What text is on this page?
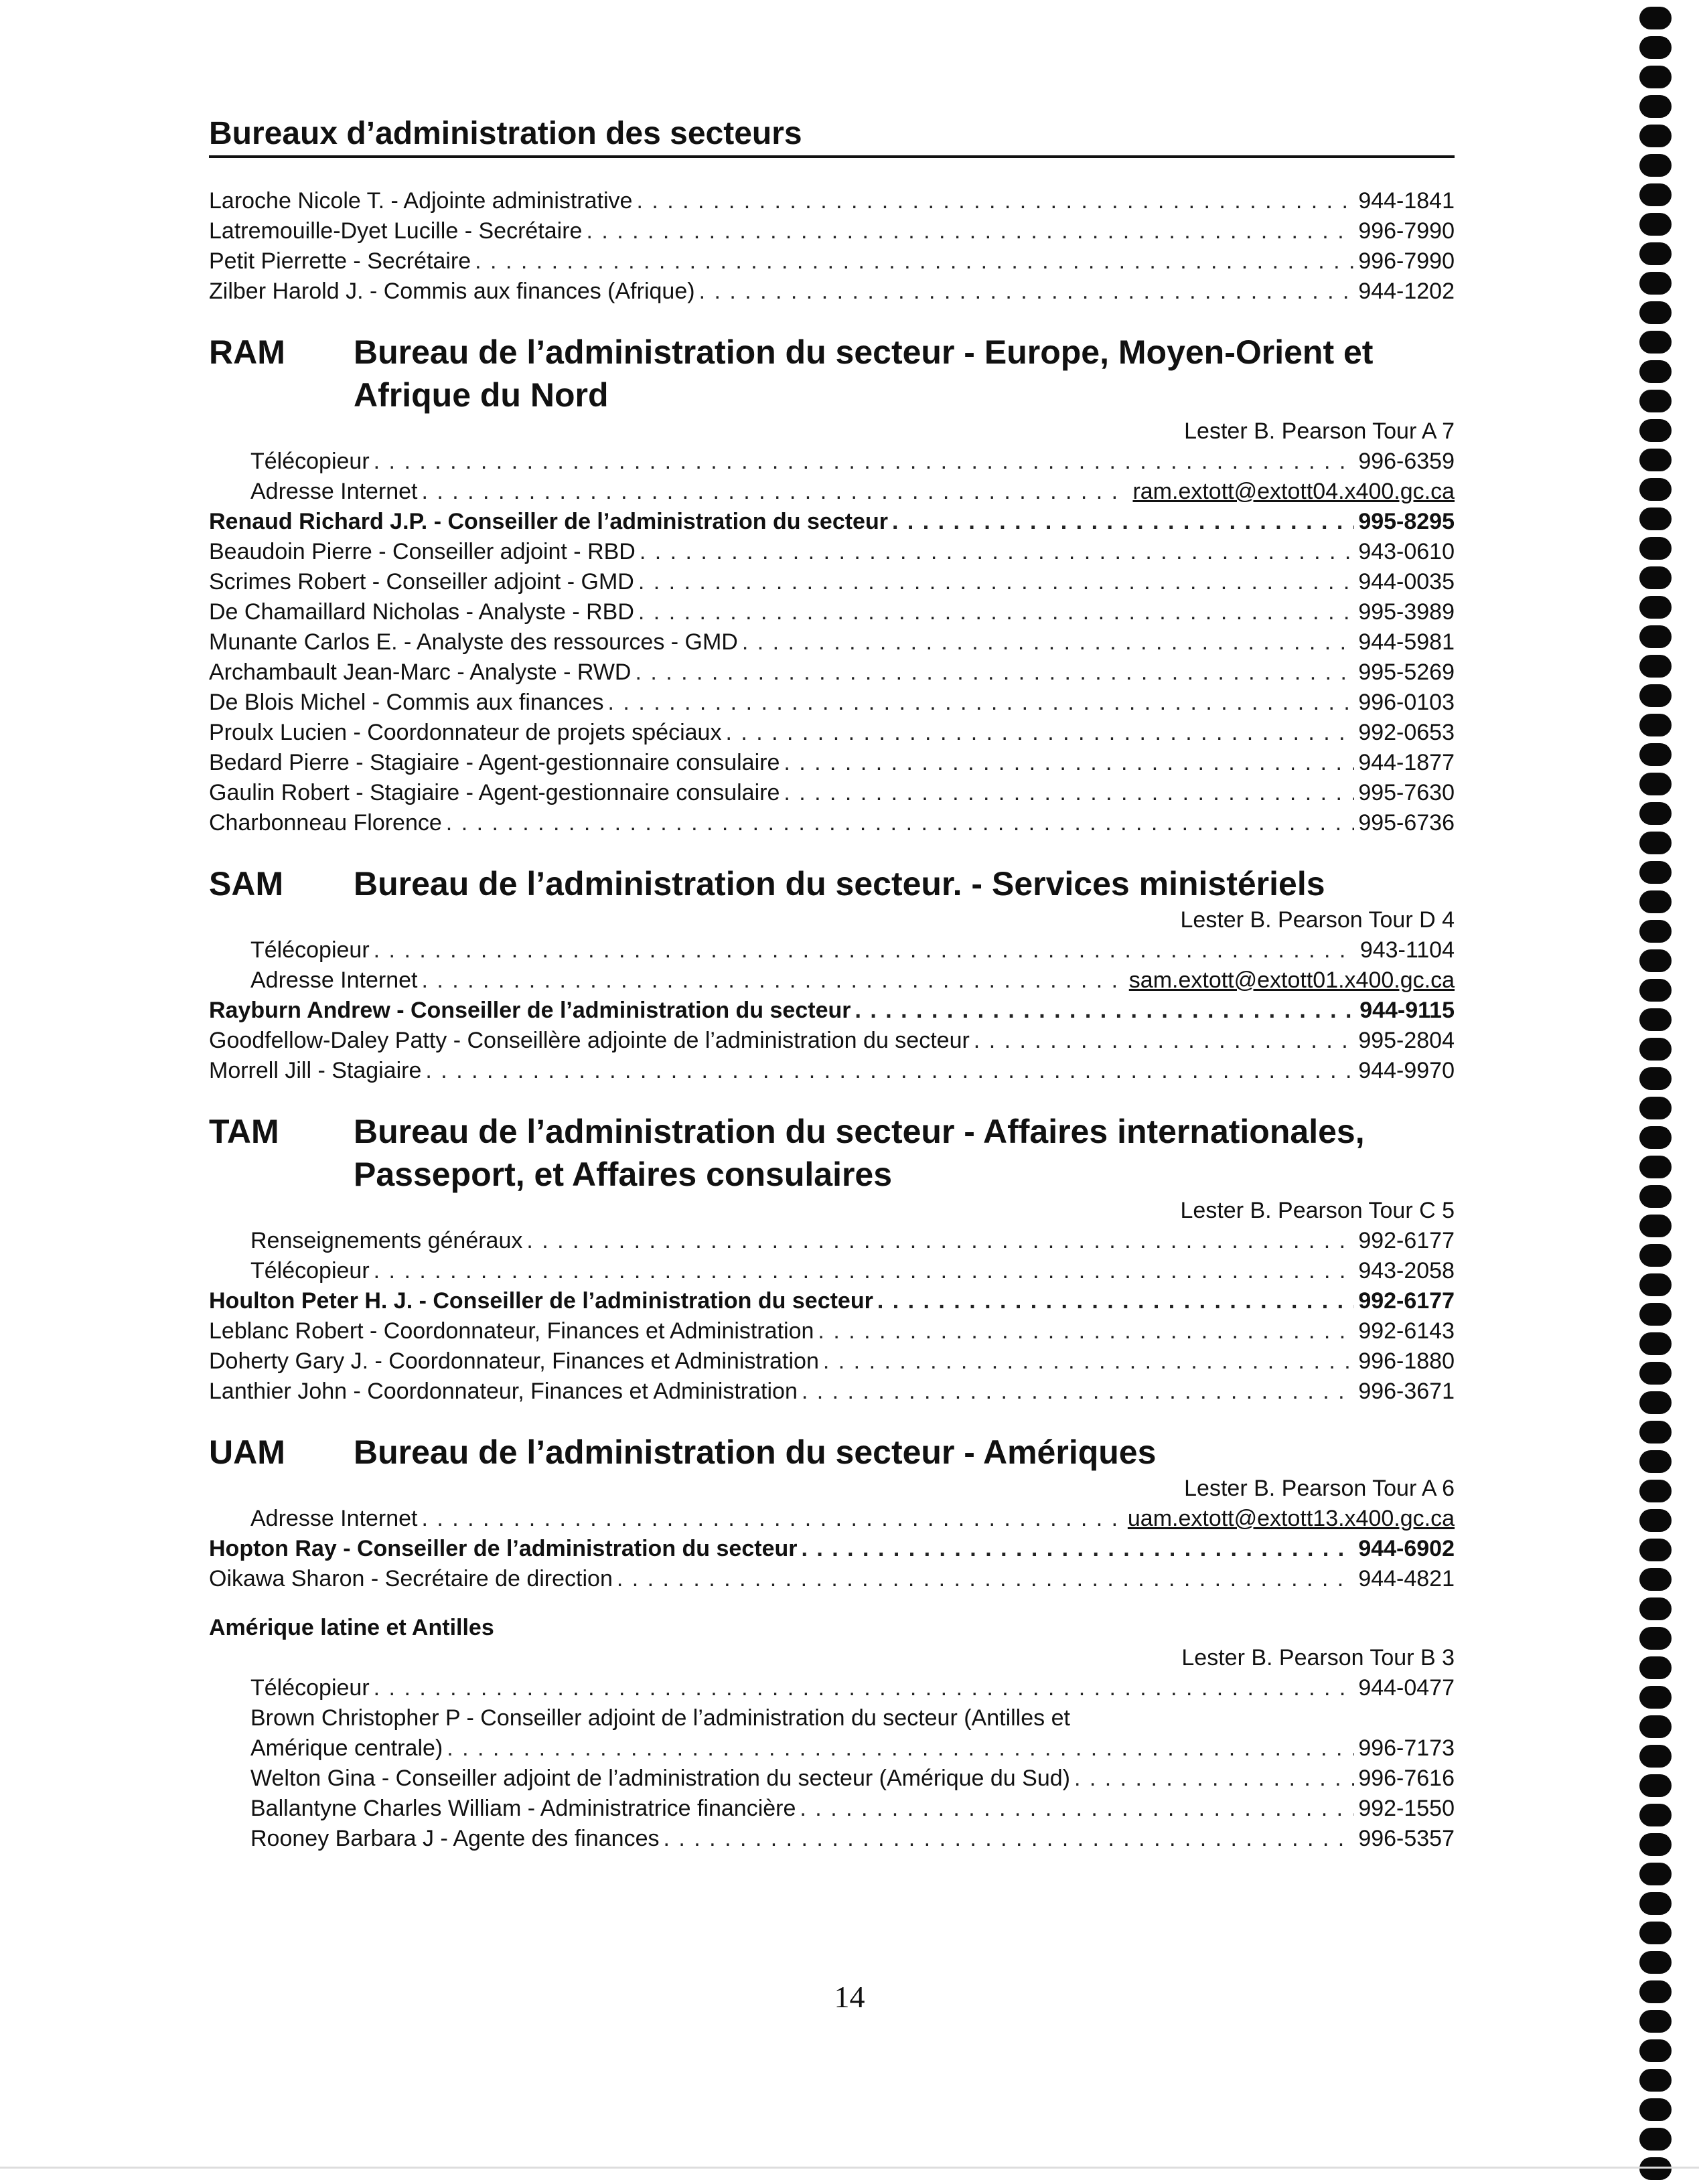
Bureaux d’administration des secteurs
Laroche Nicole T. - Adjointe administrative . . .	944-1841
Latremouille-Dyet Lucille - Secrétaire . . .	996-7990
Petit Pierrette - Secrétaire . . .	996-7990
Zilber Harold J. - Commis aux finances (Afrique) . . .	944-1202
RAM	Bureau de l’administration du secteur - Europe, Moyen-Orient et Afrique du Nord
Lester B. Pearson Tour A 7
Télécopieur . . .	996-6359
Adresse Internet . . .	ram.extott@extott04.x400.gc.ca
Renaud Richard J.P. - Conseiller de l’administration du secteur . . .	995-8295
Beaudoin Pierre - Conseiller adjoint - RBD . . .	943-0610
Scrimes Robert - Conseiller adjoint - GMD . . .	944-0035
De Chamaillard Nicholas - Analyste - RBD . . .	995-3989
Munante Carlos E. - Analyste des ressources - GMD . . .	944-5981
Archambault Jean-Marc - Analyste - RWD . . .	995-5269
De Blois Michel - Commis aux finances . . .	996-0103
Proulx Lucien - Coordonnateur de projets spéciaux . . .	992-0653
Bedard Pierre - Stagiaire - Agent-gestionnaire consulaire . . .	944-1877
Gaulin Robert - Stagiaire - Agent-gestionnaire consulaire . . .	995-7630
Charbonneau Florence . . .	995-6736
SAM	Bureau de l’administration du secteur. - Services ministériels
Lester B. Pearson Tour D 4
Télécopieur . . .	943-1104
Adresse Internet . . .	sam.extott@extott01.x400.gc.ca
Rayburn Andrew - Conseiller de l’administration du secteur . . .	944-9115
Goodfellow-Daley Patty - Conseillère adjointe de l’administration du secteur . . .	995-2804
Morrell Jill - Stagiaire . . .	944-9970
TAM	Bureau de l’administration du secteur - Affaires internationales, Passeport, et Affaires consulaires
Lester B. Pearson Tour C 5
Renseignements généraux . . .	992-6177
Télécopieur . . .	943-2058
Houlton Peter H. J. - Conseiller de l’administration du secteur . . .	992-6177
Leblanc Robert - Coordonnateur, Finances et Administration . . .	992-6143
Doherty Gary J. - Coordonnateur, Finances et Administration . . .	996-1880
Lanthier John - Coordonnateur, Finances et Administration . . .	996-3671
UAM	Bureau de l’administration du secteur - Amériques
Lester B. Pearson Tour A 6
Adresse Internet . . .	uam.extott@extott13.x400.gc.ca
Hopton Ray - Conseiller de l’administration du secteur . . .	944-6902
Oikawa Sharon - Secrétaire de direction . . .	944-4821
Amérique latine et Antilles
Lester B. Pearson Tour B 3
Télécopieur . . .	944-0477
Brown Christopher P - Conseiller adjoint de l’administration du secteur (Antilles et
Amérique centrale) . . .	996-7173
Welton Gina - Conseiller adjoint de l’administration du secteur (Amérique du Sud) . . .	996-7616
Ballantyne Charles William - Administratrice financière . . .	992-1550
Rooney Barbara J - Agente des finances . . .	996-5357
14
